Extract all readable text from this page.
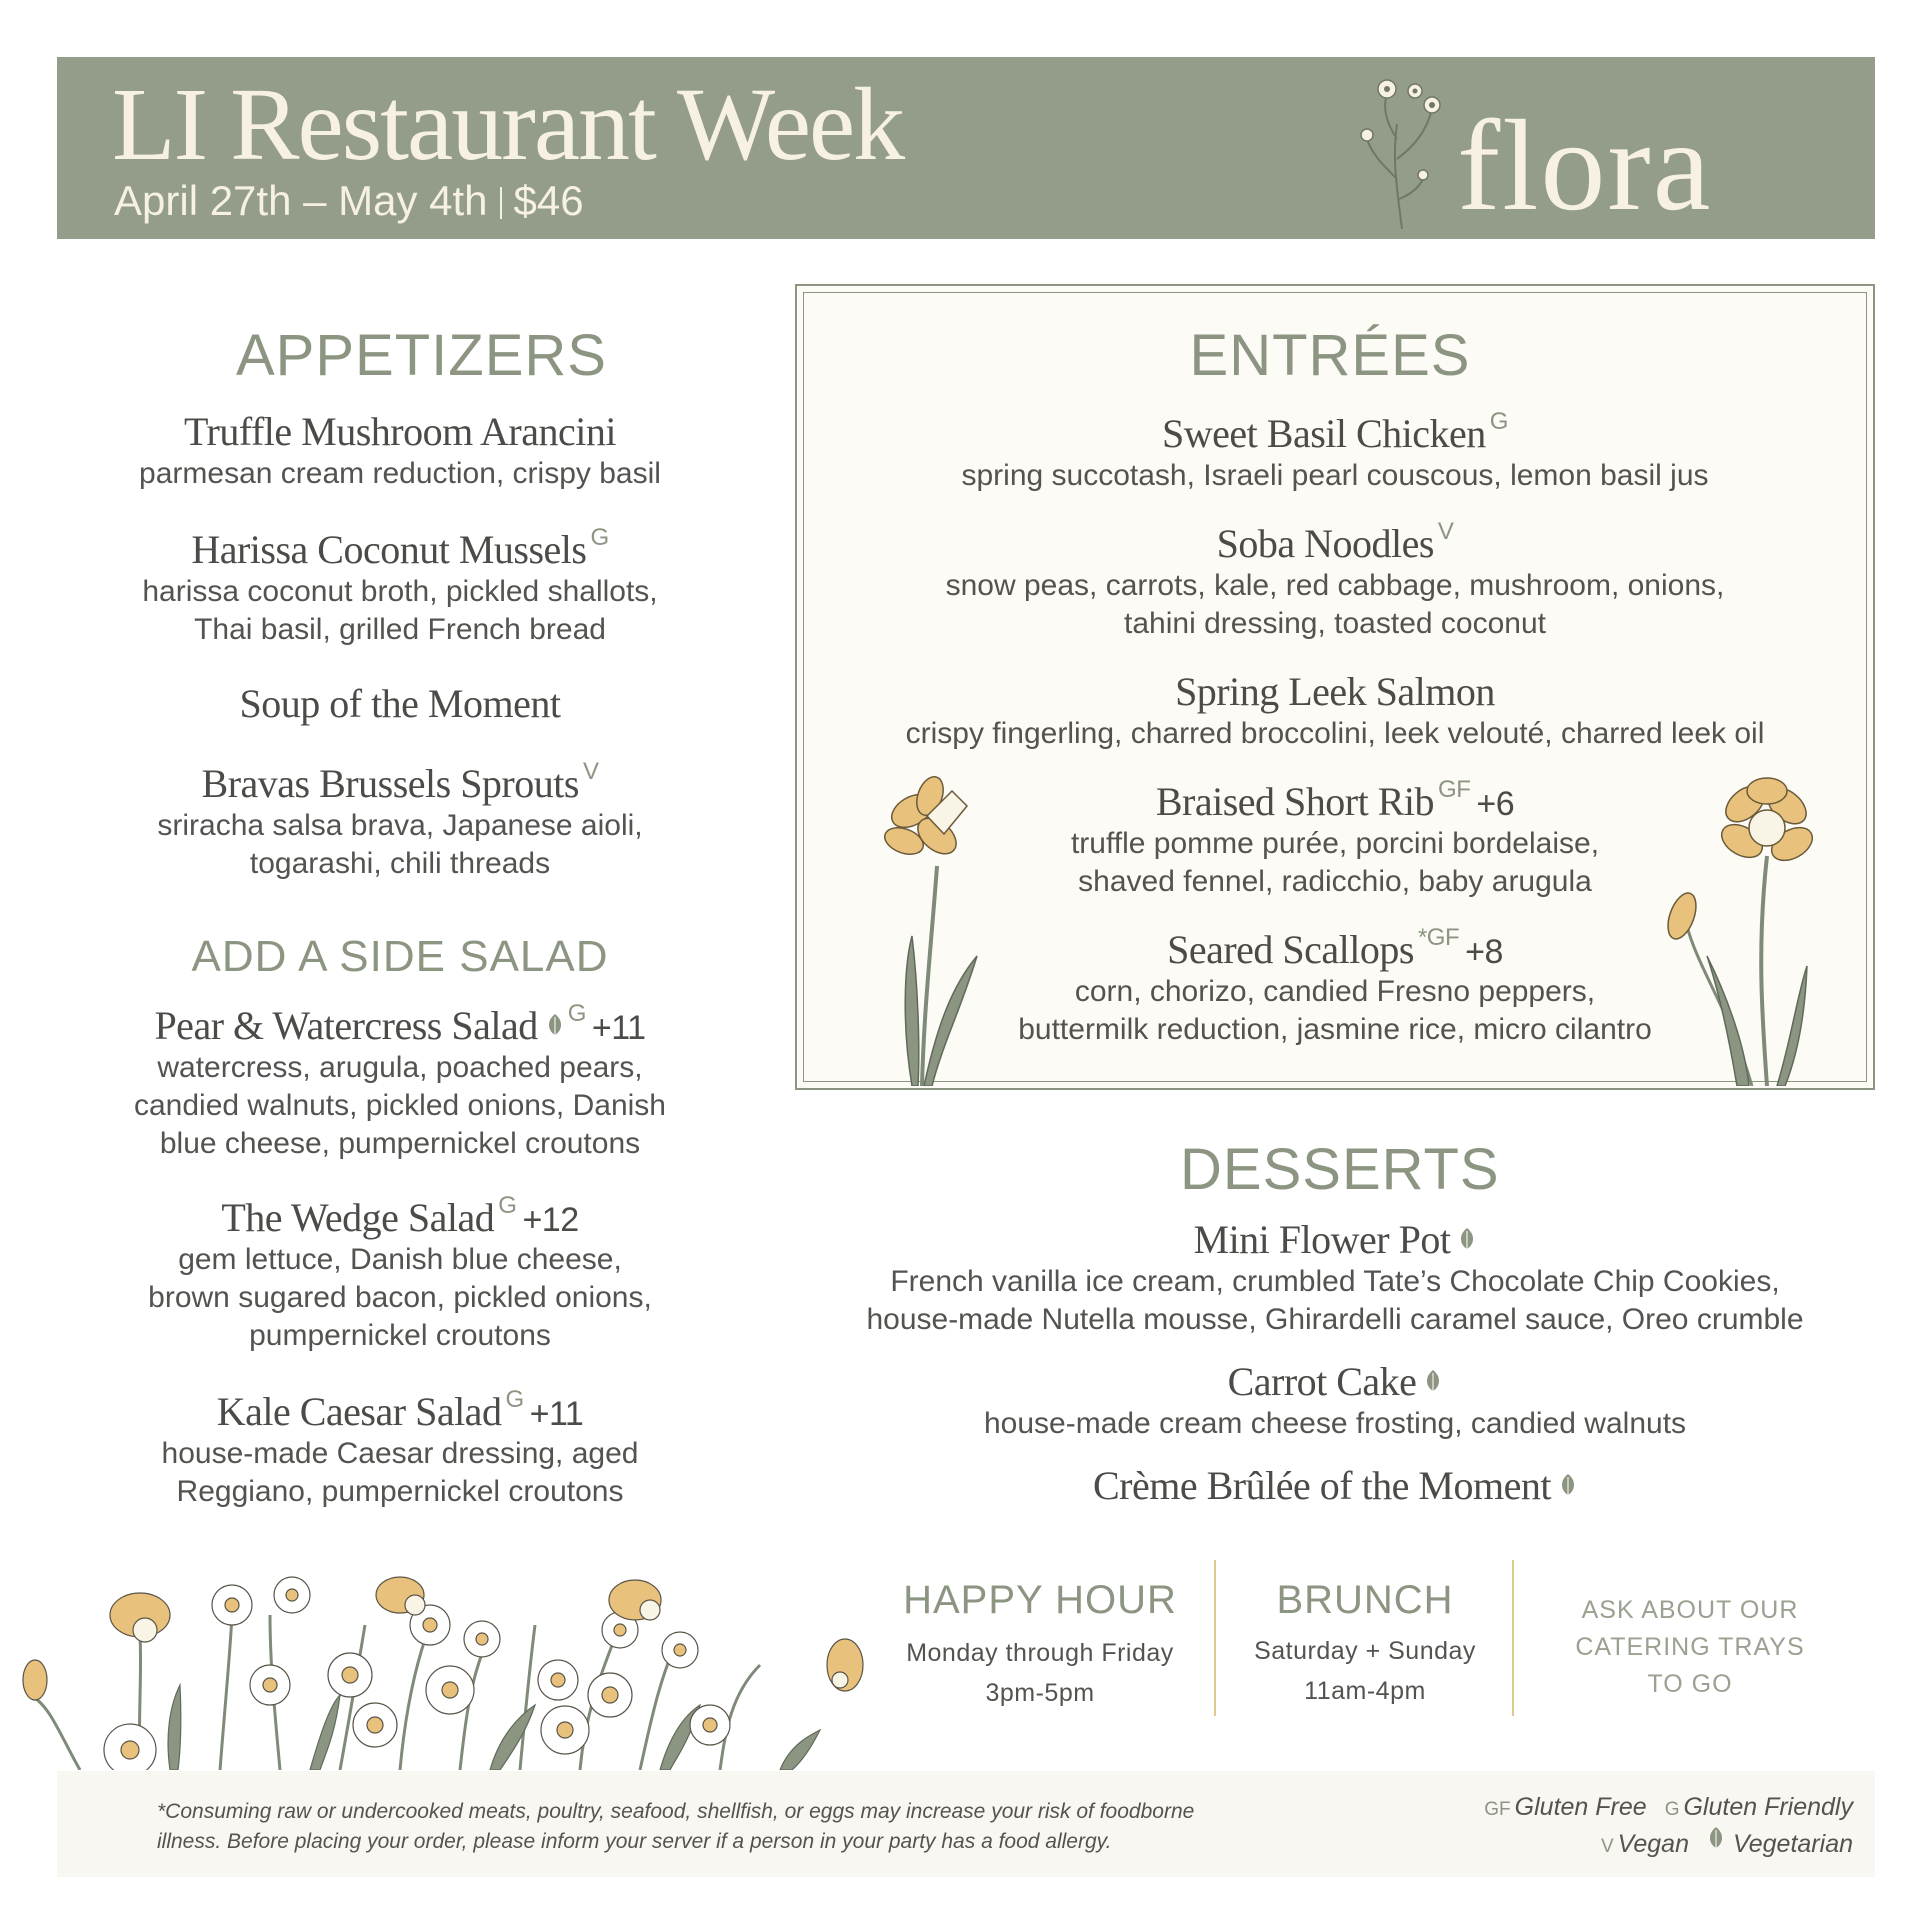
LI Restaurant Week
April 27th – May 4th $46	flora
APPETIZERS
Truffle Mushroom Arancini
parmesan cream reduction, crispy basil
Harissa Coconut Mussels $^G$
harissa coconut broth, pickled shallots,
Thai basil, grilled French bread
Soup of the Moment
Bravas Brussels Sprouts $^V$
sriracha salsa brava, Japanese aioli,
togarashi, chili threads
ADD A SIDE SALAD
Pear & Watercress Salad $^G$ +11
watercress, arugula, poached pears,
candied walnuts, pickled onions, Danish
blue cheese, pumpernickel croutons
The Wedge Salad $^G$ +12
gem lettuce, Danish blue cheese,
brown sugared bacon, pickled onions,
pumpernickel croutons
Kale Caesar Salad $^G$ +11
house-made Caesar dressing, aged
Reggiano, pumpernickel croutons
ENTRÉES
Sweet Basil Chicken $^G$
spring succotash, Israeli pearl couscous, lemon basil jus
Soba Noodles $^V$
snow peas, carrots, kale, red cabbage, mushroom, onions,
tahini dressing, toasted coconut
Spring Leek Salmon
crispy fingerling, charred broccolini, leek velouté, charred leek oil
Braised Short Rib $^{GF}$ +6
truffle pomme purée, porcini bordelaise,
shaved fennel, radicchio, baby arugula
Seared Scallops $^{*GF}$ +8
corn, chorizo, candied Fresno peppers,
buttermilk reduction, jasmine rice, micro cilantro
DESSERTS
Mini Flower Pot
French vanilla ice cream, crumbled Tate’s Chocolate Chip Cookies,
house-made Nutella mousse, Ghirardelli caramel sauce, Oreo crumble
Carrot Cake
house-made cream cheese frosting, candied walnuts
Crème Brûlée of the Moment
HAPPY HOUR
Monday through Friday
3pm-5pm
BRUNCH
Saturday + Sunday
11am-4pm
ASK ABOUT OUR
CATERING TRAYS
TO GO
*Consuming raw or undercooked meats, poultry, seafood, shellfish, or eggs may increase your risk of foodborne
illness. Before placing your order, please inform your server if a person in your party has a food allergy.
GF Gluten Free G Gluten Friendly
V Vegan Vegetarian
